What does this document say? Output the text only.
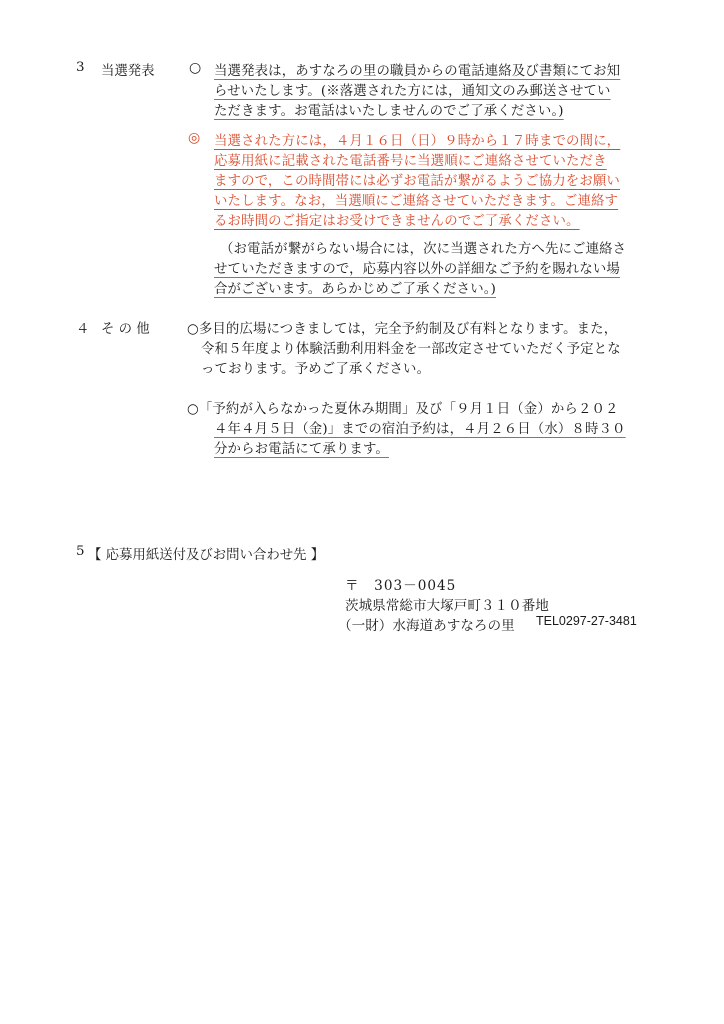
3 当選発表 ○ 当選発表は，あすなろの里の職員からの電話連絡及び書類にてお知
らせいたします。(※落選された方には，通知文のみ郵送させてい
ただきます。お電話はいたしませんのでご了承ください。)
◎ 当選された方には，４月１６日（日）９時から１７時までの間に，
応募用紙に記載された電話番号に当選順にご連絡させていただき
ますので，この時間帯には必ずお電話が繋がるようご協力をお願い
いたします。なお，当選順にご連絡させていただきます。ご連絡す
るお時間のご指定はお受けできませんのでご了承ください。
（お電話が繋がらない場合には，次に当選された方へ先にご連絡さ
せていただきますので，応募内容以外の詳細なご予約を賜れない場
合がございます。あらかじめご了承ください。)
４ そ の 他	○多目的広場につきましては，完全予約制及び有料となります。また，
令和５年度より体験活動利用料金を一部改定させていただく予定とな
っております。予めご了承ください。
○「予約が入らなかった夏休み期間」及び「９月１日（金）から２０２
４年４月５日（金)」までの宿泊予約は，４月２６日（水）８時３０
分からお電話にて承ります。
5 【 応募用紙送付及びお問い合わせ先 】
〒　303－0045
茨城県常総市大塚戸町３１０番地
（一財）水海道あすなろの里 TEL0297-27-3481
